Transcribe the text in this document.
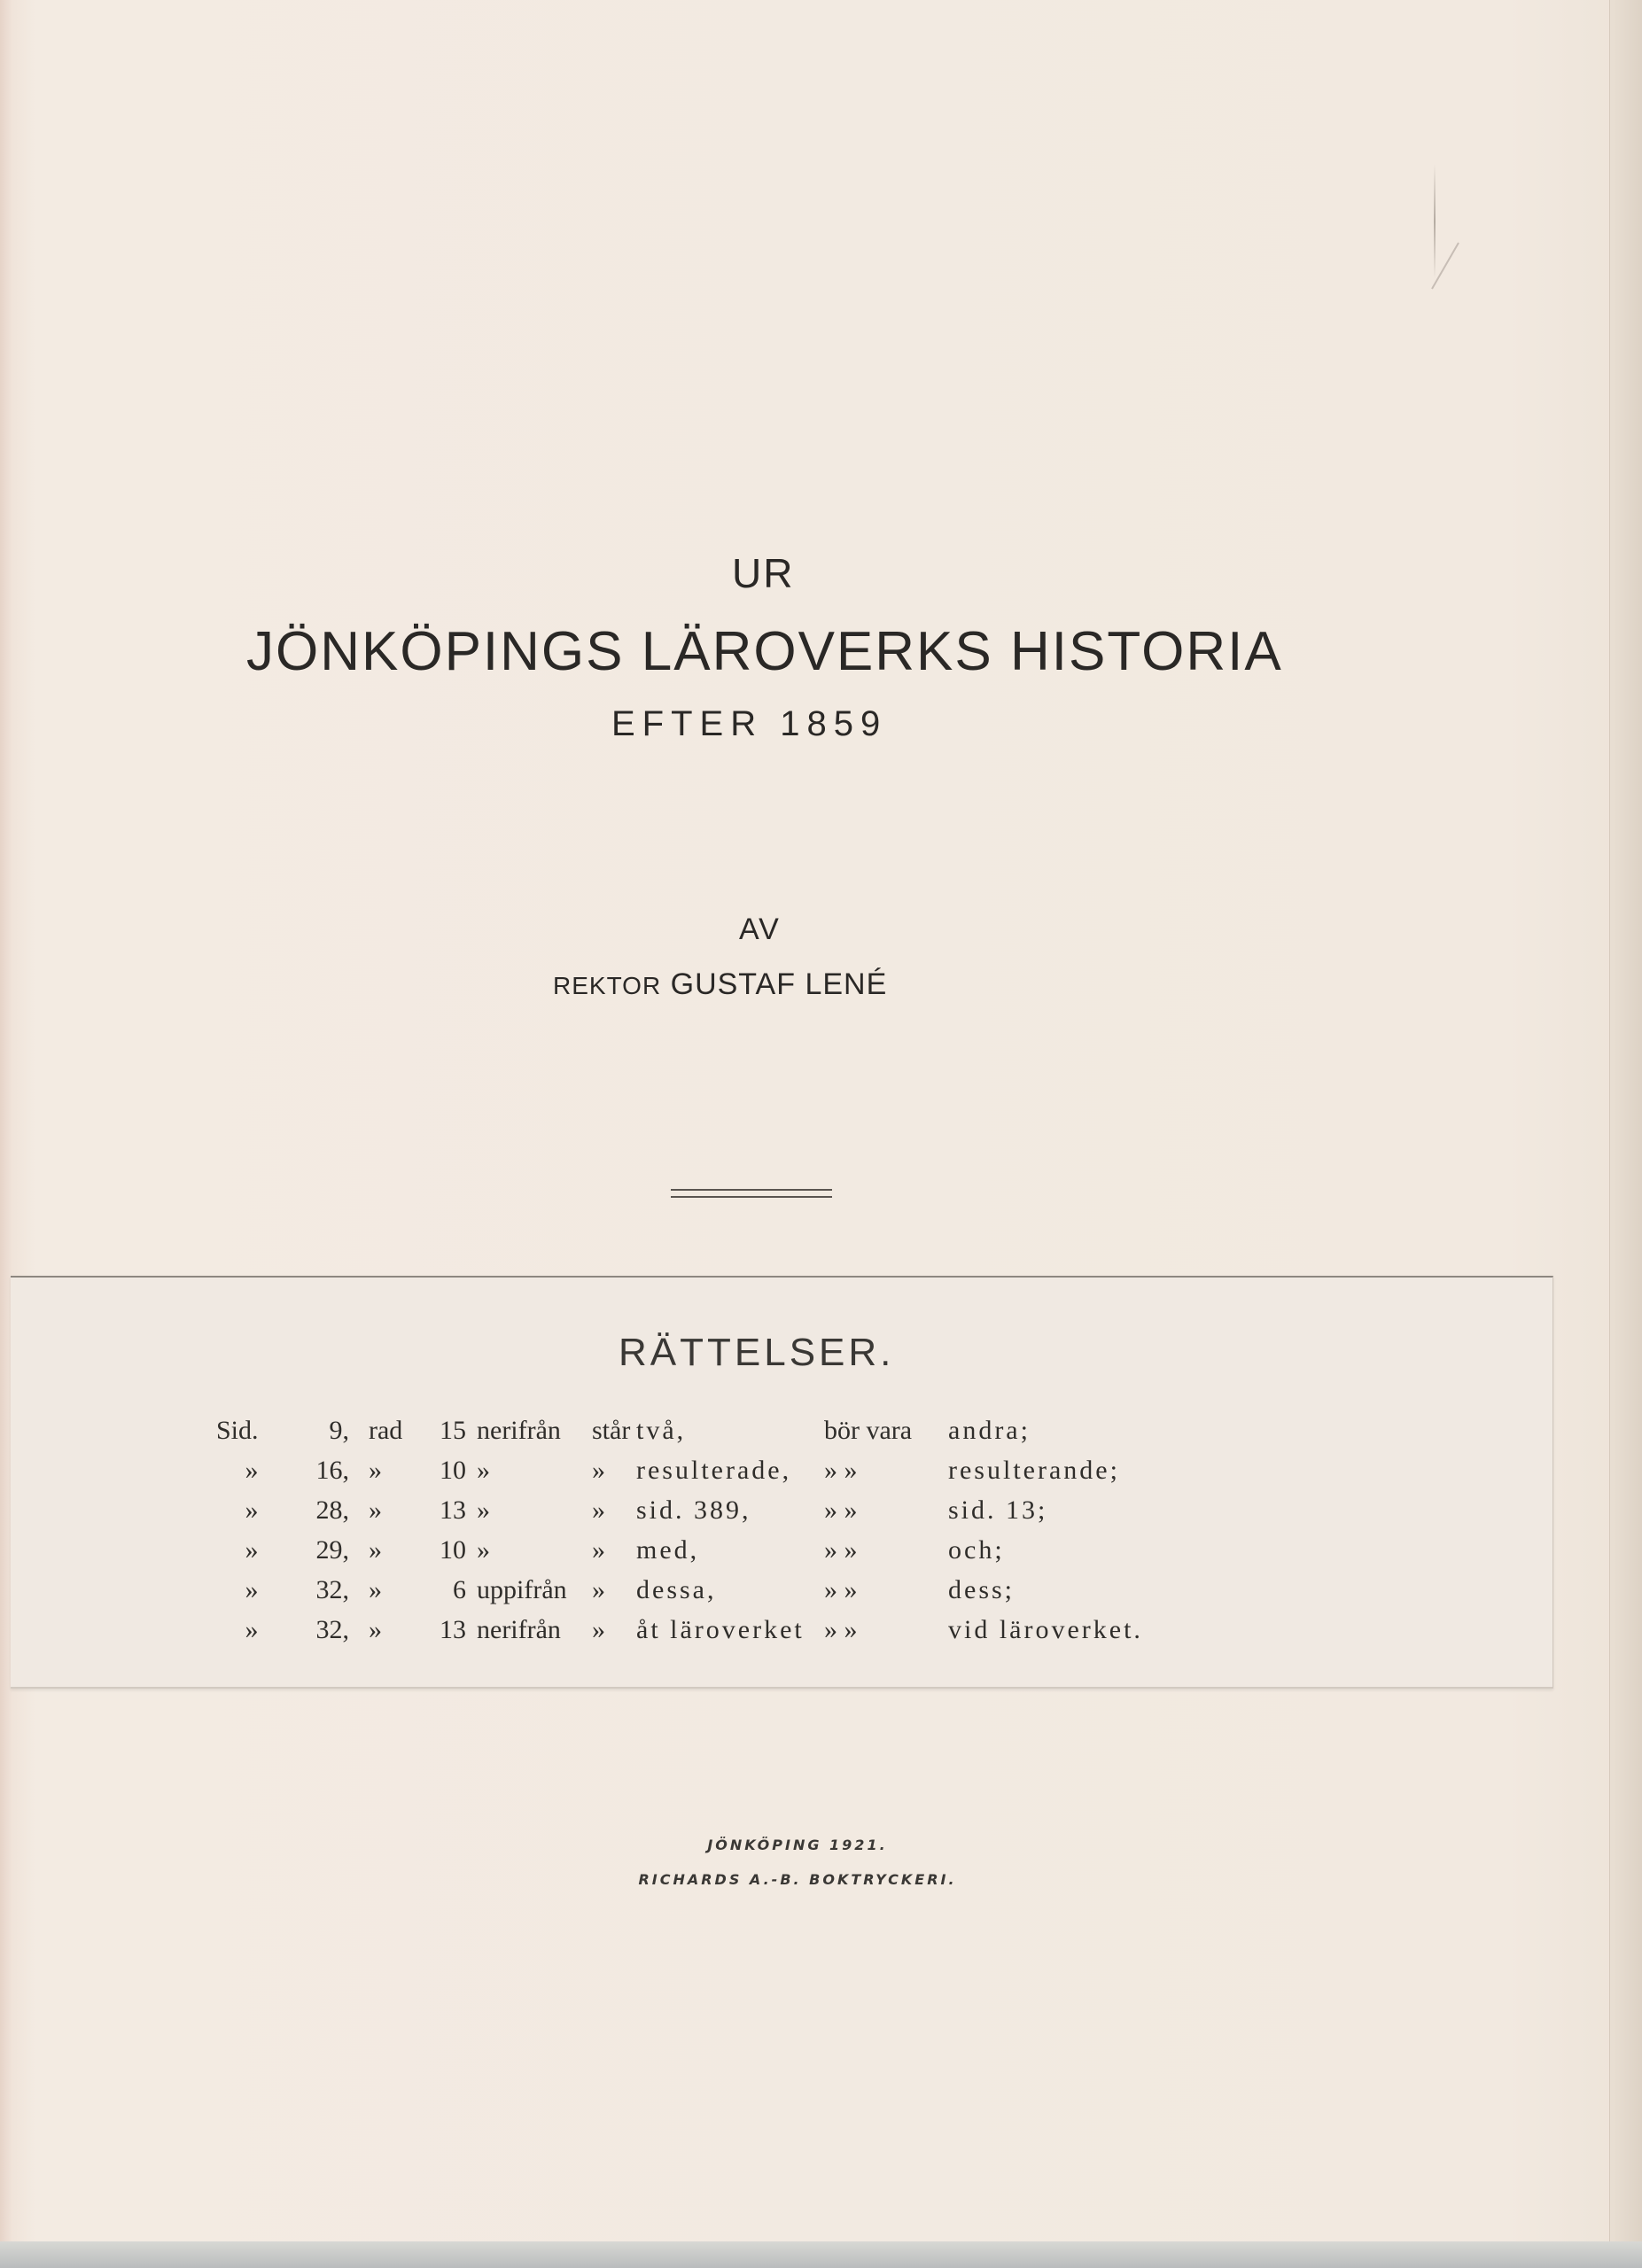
UR
JÖNKÖPINGS LÄROVERKS HISTORIA
EFTER 1859
AV
REKTOR GUSTAF LENÉ
RÄTTELSER.
Sid.	9,	rad	15	nerifrån	står	två,	bör vara	andra;
»	16,	»	10	»	»	resulterade,	» »	resulterande;
»	28,	»	13	»	»	sid. 389,	» »	sid. 13;
»	29,	»	10	»	»	med,	» »	och;
»	32,	»	6	uppifrån	»	dessa,	» »	dess;
»	32,	»	13	nerifrån	»	åt läroverket	» »	vid läroverket.
JÖNKÖPING 1921.
RICHARDS A.-B. BOKTRYCKERI.
